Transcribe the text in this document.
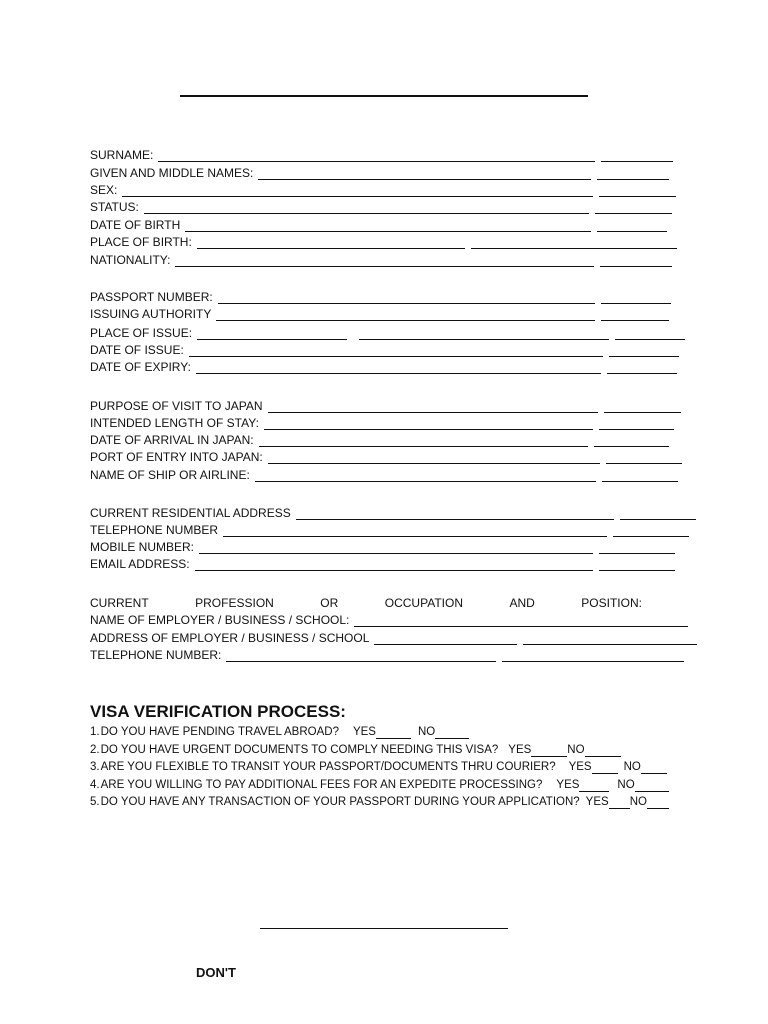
SURNAME:
GIVEN AND MIDDLE NAMES:
SEX:
STATUS:
DATE OF BIRTH
PLACE OF BIRTH:
NATIONALITY:
PASSPORT NUMBER:
ISSUING AUTHORITY
PLACE OF ISSUE:
DATE OF ISSUE:
DATE OF EXPIRY:
PURPOSE OF VISIT TO JAPAN
INTENDED LENGTH OF STAY:
DATE OF ARRIVAL IN JAPAN:
PORT OF ENTRY INTO JAPAN:
NAME OF SHIP OR AIRLINE:
CURRENT RESIDENTIAL ADDRESS
TELEPHONE NUMBER
MOBILE NUMBER:
EMAIL ADDRESS:
CURRENT	PROFESSION	OR	OCCUPATION	AND	POSITION:
NAME OF EMPLOYER / BUSINESS / SCHOOL:
ADDRESS OF EMPLOYER / BUSINESS / SCHOOL
TELEPHONE NUMBER:
VISA VERIFICATION PROCESS:
1. DO YOU HAVE PENDING TRAVEL ABROAD? YES	NO
2. DO YOU HAVE URGENT DOCUMENTS TO COMPLY NEEDING THIS VISA? YES	NO
3. ARE YOU FLEXIBLE TO TRANSIT YOUR PASSPORT/DOCUMENTS THRU COURIER? YES	NO
4. ARE YOU WILLING TO PAY ADDITIONAL FEES FOR AN EXPEDITE PROCESSING? YES	NO
5. DO YOU HAVE ANY TRANSACTION OF YOUR PASSPORT DURING YOUR APPLICATION? YES NO
DON'T
